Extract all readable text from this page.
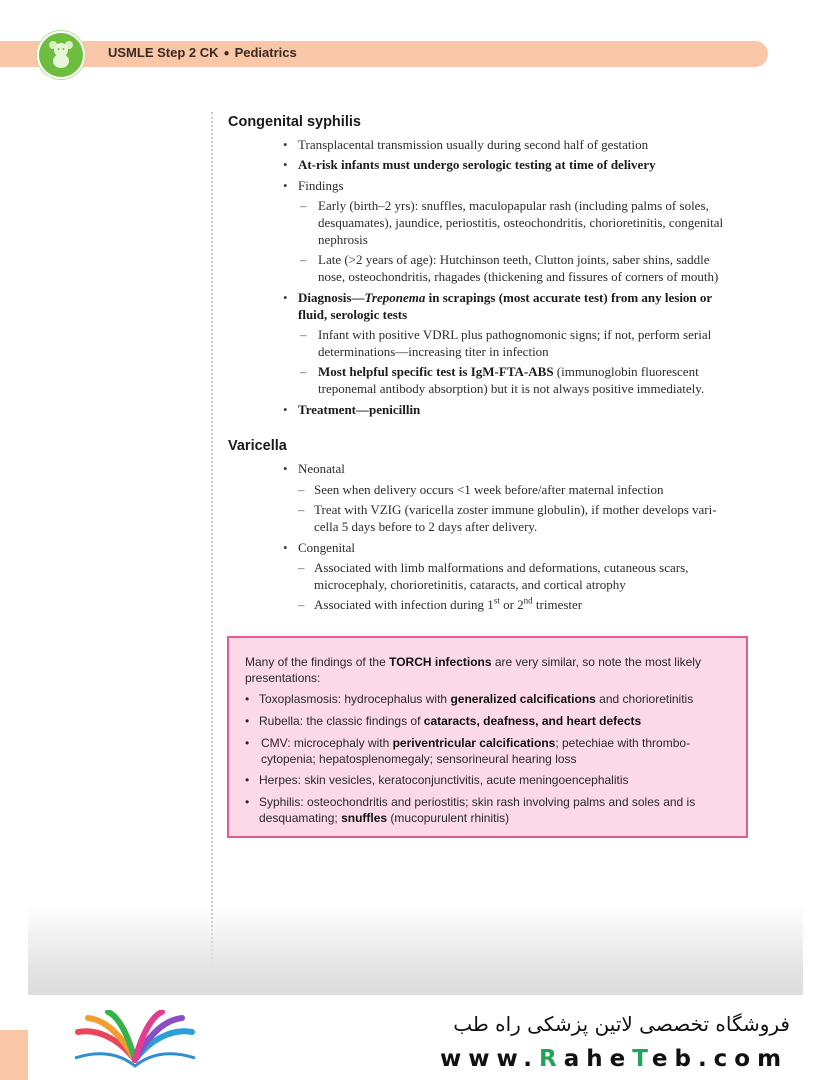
USMLE Step 2 CK ● Pediatrics
Congenital syphilis
• Transplacental transmission usually during second half of gestation
• At-risk infants must undergo serologic testing at time of delivery
• Findings
– Early (birth–2 yrs): snuffles, maculopapular rash (including palms of soles,
desquamates), jaundice, periostitis, osteochondritis, chorioretinitis, congenital
nephrosis
– Late (>2 years of age): Hutchinson teeth, Clutton joints, saber shins, saddle
nose, osteochondritis, rhagades (thickening and fissures of corners of mouth)
• Diagnosis—Treponema in scrapings (most accurate test) from any lesion or
fluid, serologic tests
– Infant with positive VDRL plus pathognomonic signs; if not, perform serial
determinations—increasing titer in infection
– Most helpful specific test is IgM-FTA-ABS (immunoglobin fluorescent
treponemal antibody absorption) but it is not always positive immediately.
• Treatment—penicillin
Varicella
• Neonatal
– Seen when delivery occurs <1 week before/after maternal infection
– Treat with VZIG (varicella zoster immune globulin), if mother develops vari-
cella 5 days before to 2 days after delivery.
• Congenital
– Associated with limb malformations and deformations, cutaneous scars,
microcephaly, chorioretinitis, cataracts, and cortical atrophy
– Associated with infection during 1st or 2nd trimester
Many of the findings of the TORCH infections are very similar, so note the most likely
presentations:
• Toxoplasmosis: hydrocephalus with generalized calcifications and chorioretinitis
• Rubella: the classic findings of cataracts, deafness, and heart defects
• CMV: microcephaly with periventricular calcifications; petechiae with thrombo-
cytopenia; hepatosplenomegaly; sensorineural hearing loss
• Herpes: skin vesicles, keratoconjunctivitis, acute meningoencephalitis
• Syphilis: osteochondritis and periostitis; skin rash involving palms and soles and is
desquamating; snuffles (mucopurulent rhinitis)
فروشگاه تخصصی لاتین پزشکی راه طب
www.RaheTeb.com
